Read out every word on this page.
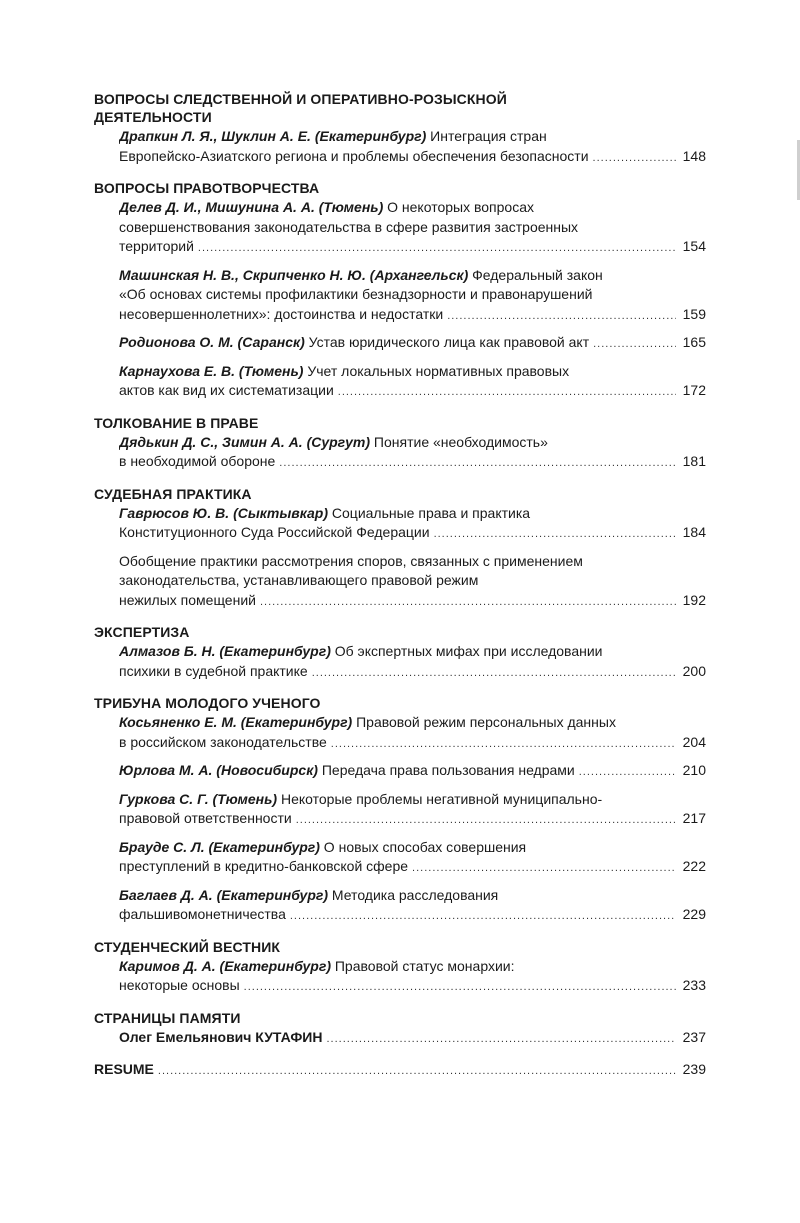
ВОПРОСЫ СЛЕДСТВЕННОЙ И ОПЕРАТИВНО-РОЗЫСКНОЙ
ДЕЯТЕЛЬНОСТИ
Драпкин Л. Я., Шуклин А. Е. (Екатеринбург) Интеграция стран
Европейско-Азиатского региона и проблемы обеспечения безопасности .....	148
ВОПРОСЫ ПРАВОТВОРЧЕСТВА
Делев Д. И., Мишунина А. А. (Тюмень) О некоторых вопросах
совершенствования законодательства в сфере развития застроенных
территорий .....	154
Машинская Н. В., Скрипченко Н. Ю. (Архангельск) Федеральный закон
«Об основах системы профилактики безнадзорности и правонарушений
несовершеннолетних»: достоинства и недостатки .....	159
Родионова О. М. (Саранск) Устав юридического лица как правовой акт .....	165
Карнаухова Е. В. (Тюмень) Учет локальных нормативных правовых
актов как вид их систематизации .....	172
ТОЛКОВАНИЕ В ПРАВЕ
Дядькин Д. С., Зимин А. А. (Сургут) Понятие «необходимость»
в необходимой обороне .....	181
СУДЕБНАЯ ПРАКТИКА
Гаврюсов Ю. В. (Сыктывкар) Социальные права и практика
Конституционного Суда Российской Федерации .....	184
Обобщение практики рассмотрения споров, связанных с применением
законодательства, устанавливающего правовой режим
нежилых помещений .....	192
ЭКСПЕРТИЗА
Алмазов Б. Н. (Екатеринбург) Об экспертных мифах при исследовании
психики в судебной практике .....	200
ТРИБУНА МОЛОДОГО УЧЕНОГО
Косьяненко Е. М. (Екатеринбург) Правовой режим персональных данных
в российском законодательстве .....	204
Юрлова М. А. (Новосибирск) Передача права пользования недрами .....	210
Гуркова С. Г. (Тюмень) Некоторые проблемы негативной муниципально-
правовой ответственности .....	217
Брауде С. Л. (Екатеринбург) О новых способах совершения
преступлений в кредитно-банковской сфере .....	222
Баглаев Д. А. (Екатеринбург) Методика расследования
фальшивомонетничества .....	229
СТУДЕНЧЕСКИЙ ВЕСТНИК
Каримов Д. А. (Екатеринбург) Правовой статус монархии:
некоторые основы .....	233
СТРАНИЦЫ ПАМЯТИ
Олег Емельянович КУТАФИН .....	237
RESUME .....	239
